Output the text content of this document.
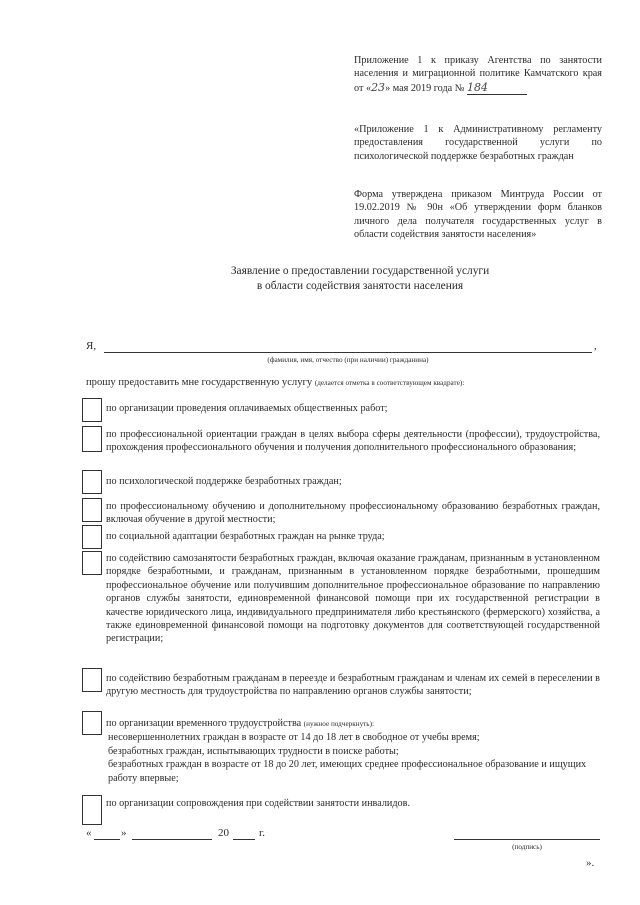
Приложение 1 к приказу Агентства по занятости населения и миграционной политике Камчатского края от «23» мая 2019 года № 184

«Приложение 1 к Административному регламенту предоставления государственной услуги по психологической поддержке безработных граждан
Форма утверждена приказом Минтруда России от 19.02.2019 № 90н «Об утверждении форм бланков личного дела получателя государственных услуг в области содействия занятости населения»
Заявление о предоставлении государственной услуги
в области содействия занятости населения
Я,	,
(фамилия, имя, отчество (при наличии) гражданина)
прошу предоставить мне государственную услугу (делается отметка в соответствующем квадрате):
по организации проведения оплачиваемых общественных работ;
по профессиональной ориентации граждан в целях выбора сферы деятельности (профессии), трудоустройства, прохождения профессионального обучения и получения дополнительного профессионального образования;
по психологической поддержке безработных граждан;
по профессиональному обучению и дополнительному профессиональному образованию безработных граждан, включая обучение в другой местности;
по социальной адаптации безработных граждан на рынке труда;
по содействию самозанятости безработных граждан, включая оказание гражданам, признанным в установленном порядке безработными, и гражданам, признанным в установленном порядке безработными, прошедшим профессиональное обучение или получившим дополнительное профессиональное образование по направлению органов службы занятости, единовременной финансовой помощи при их государственной регистрации в качестве юридического лица, индивидуального предпринимателя либо крестьянского (фермерского) хозяйства, а также единовременной финансовой помощи на подготовку документов для соответствующей государственной регистрации;
по содействию безработным гражданам в переезде и безработным гражданам и членам их семей в переселении в другую местность для трудоустройства по направлению органов службы занятости;
по организации временного трудоустройства (нужное подчеркнуть):
несовершеннолетних граждан в возрасте от 14 до 18 лет в свободное от учебы время;
безработных граждан, испытывающих трудности в поиске работы;
безработных граждан в возрасте от 18 до 20 лет, имеющих среднее профессиональное образование и ищущих работу впервые;
по организации сопровождения при содействии занятости инвалидов.
«	»	20	г.
(подпись)
».
